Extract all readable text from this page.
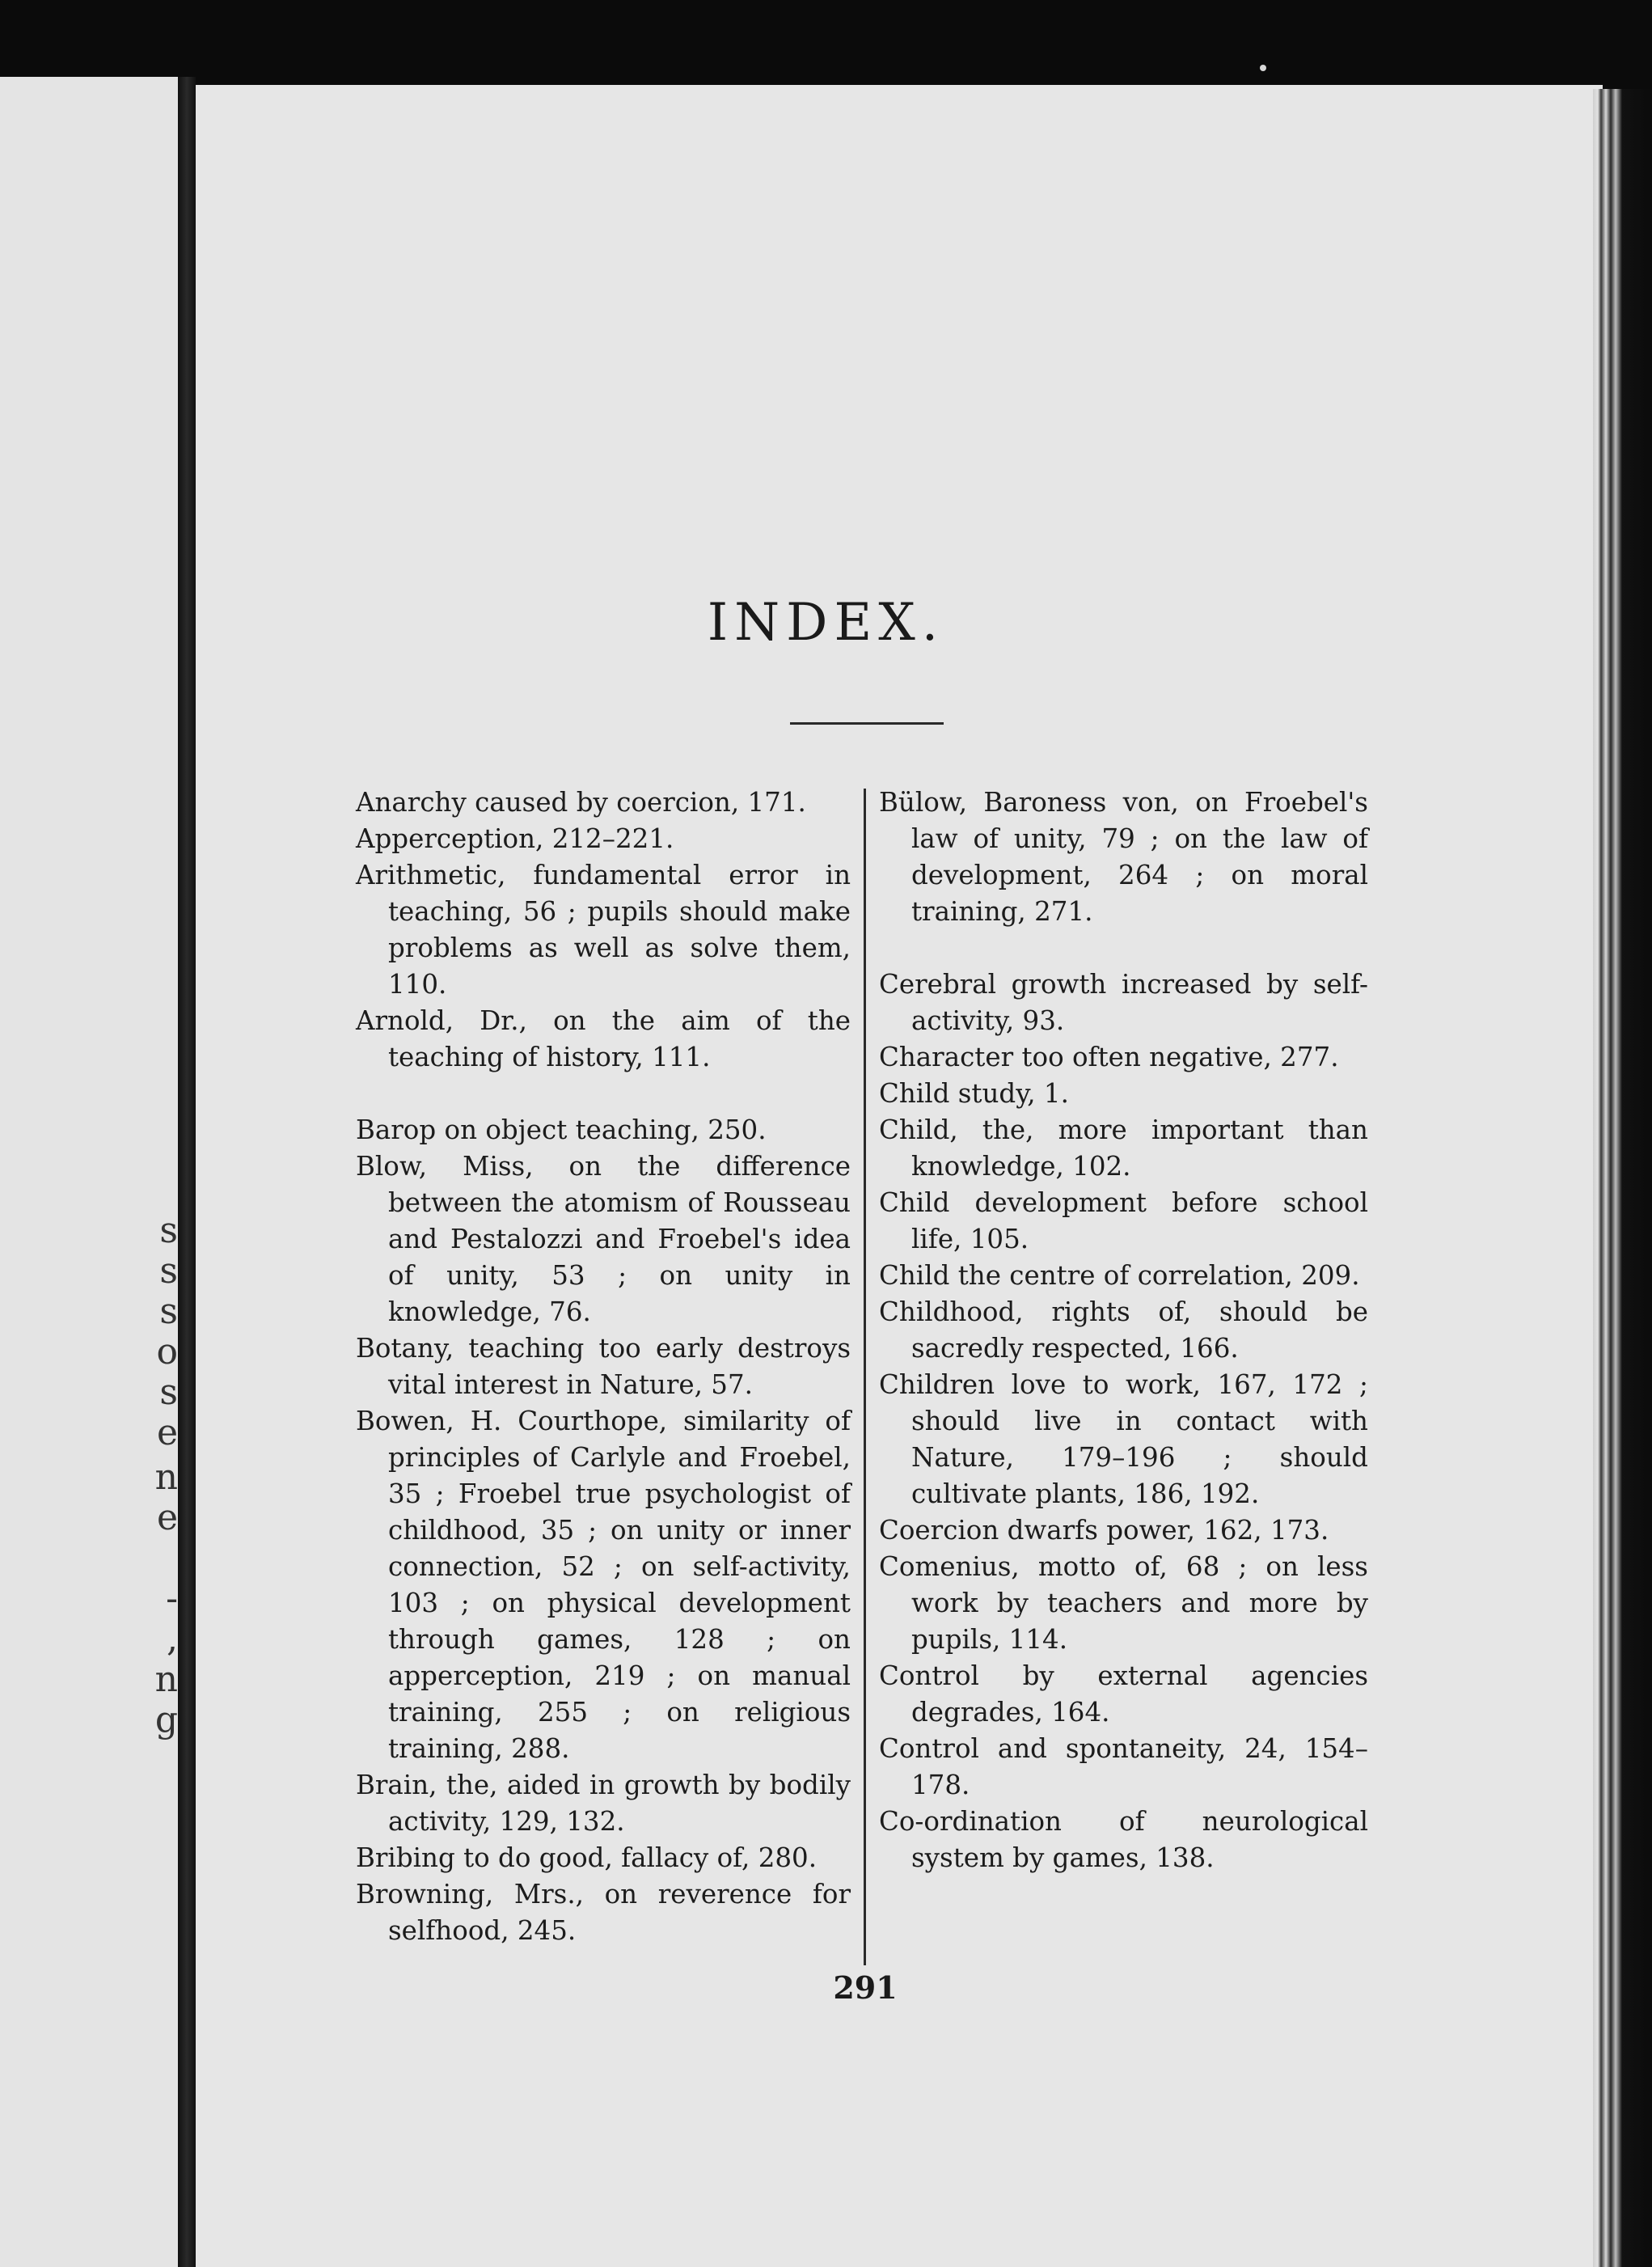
s
s
s
o
s
e
n
e
-
,
n
g
INDEX.

Anarchy caused by coercion, 171.

Apperception, 212–221.

Arithmetic, fundamental error in teaching, 56 ; pupils should make problems as well as solve them, 110.

Arnold, Dr., on the aim of the teaching of history, 111.

Barop on object teaching, 250.

Blow, Miss, on the difference between the atomism of Rousseau and Pestalozzi and Froebel's idea of unity, 53 ; on unity in knowledge, 76.

Botany, teaching too early destroys vital interest in Nature, 57.

Bowen, H. Courthope, similarity of principles of Carlyle and Froebel, 35 ; Froebel true psychologist of childhood, 35 ; on unity or inner connection, 52 ; on self-activity, 103 ; on physical development through games, 128 ; on apperception, 219 ; on manual training, 255 ; on religious training, 288.

Brain, the, aided in growth by bodily activity, 129, 132.

Bribing to do good, fallacy of, 280.

Browning, Mrs., on reverence for selfhood, 245.

Bülow, Baroness von, on Froebel's law of unity, 79 ; on the law of development, 264 ; on moral training, 271.

Cerebral growth increased by self-activity, 93.

Character too often negative, 277.

Child study, 1.

Child, the, more important than knowledge, 102.

Child development before school life, 105.

Child the centre of correlation, 209.

Childhood, rights of, should be sacredly respected, 166.

Children love to work, 167, 172 ; should live in contact with Nature, 179–196 ; should cultivate plants, 186, 192.

Coercion dwarfs power, 162, 173.

Comenius, motto of, 68 ; on less work by teachers and more by pupils, 114.

Control by external agencies degrades, 164.

Control and spontaneity, 24, 154–178.

Co-ordination of neurological system by games, 138.

291
